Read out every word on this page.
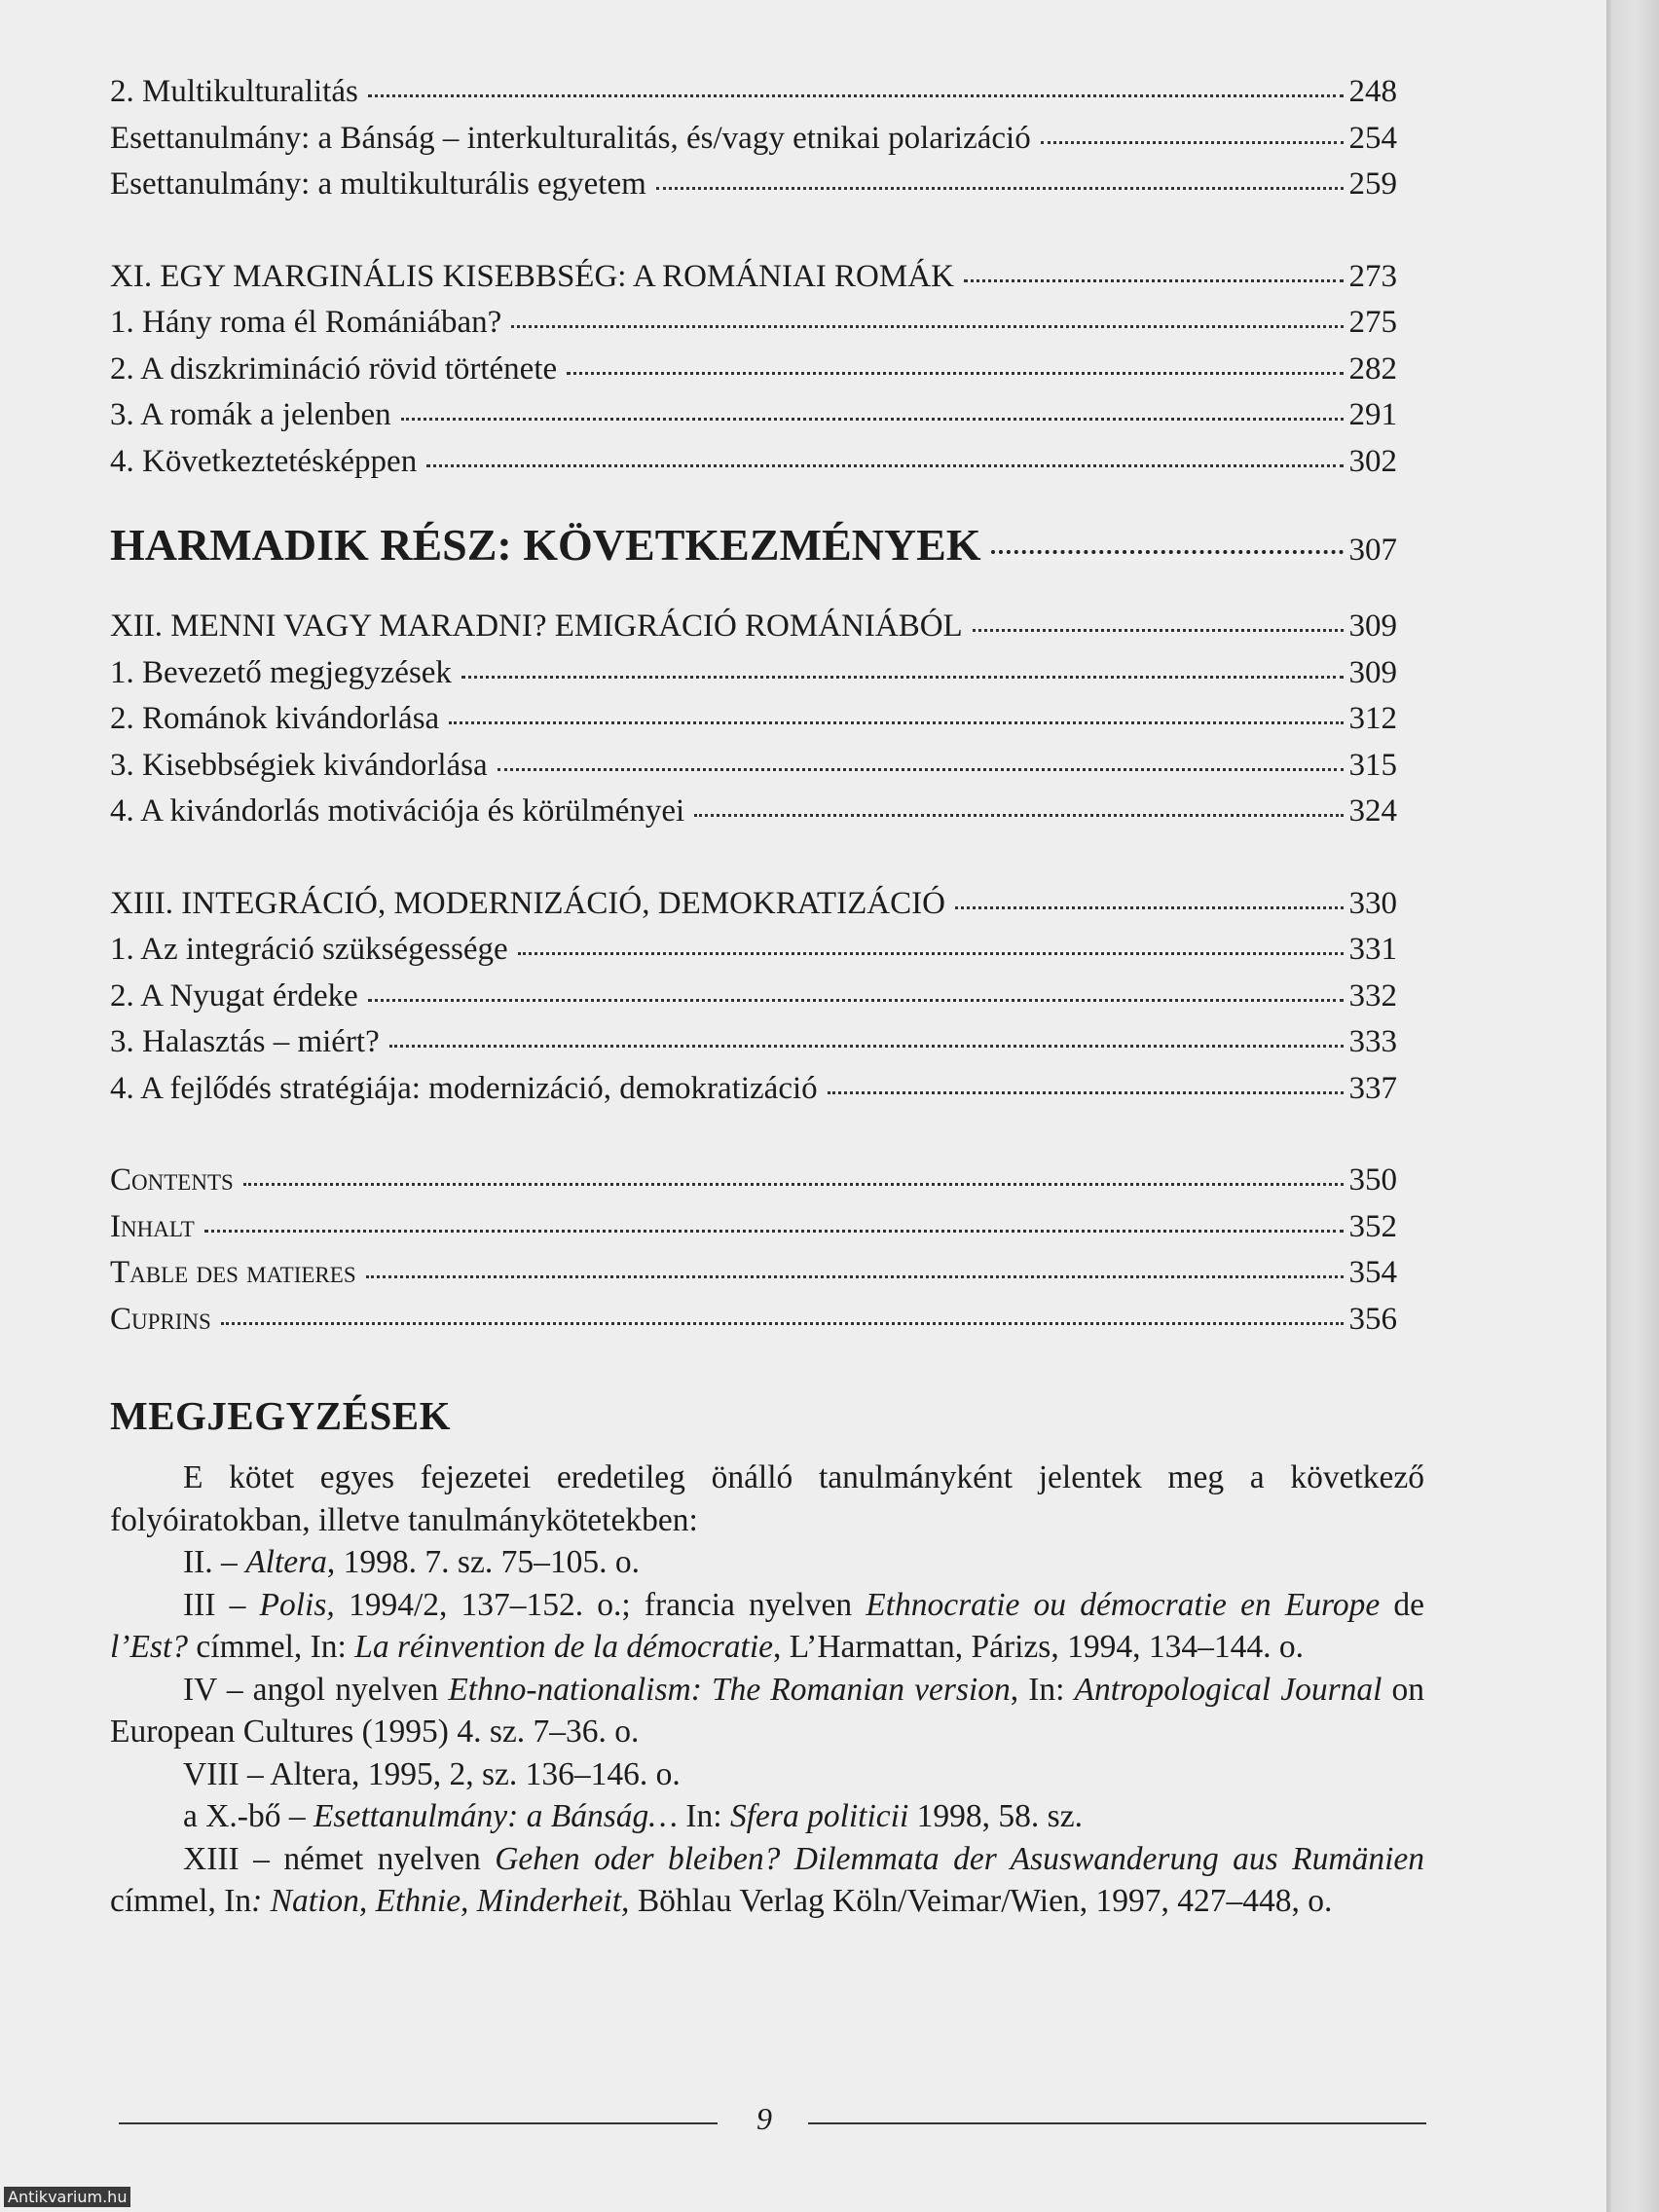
2. Multikulturalitás	248
Esettanulmány: a Bánság – interkulturalitás, és/vagy etnikai polarizáció	254
Esettanulmány: a multikulturális egyetem	259
XI. EGY MARGINÁLIS KISEBBSÉG: A ROMÁNIAI ROMÁK	273
1. Hány roma él Romániában?	275
2. A diszkrimináció rövid története	282
3. A romák a jelenben	291
4. Következtetésképpen	302
HARMADIK RÉSZ: KÖVETKEZMÉNYEK	307
XII. MENNI VAGY MARADNI? EMIGRÁCIÓ ROMÁNIÁBÓL	309
1. Bevezető megjegyzések	309
2. Románok kivándorlása	312
3. Kisebbségiek kivándorlása	315
4. A kivándorlás motivációja és körülményei	324
XIII. INTEGRÁCIÓ, MODERNIZÁCIÓ, DEMOKRATIZÁCIÓ	330
1. Az integráció szükségessége	331
2. A Nyugat érdeke	332
3. Halasztás – miért?	333
4. A fejlődés stratégiája: modernizáció, demokratizáció	337
Contents	350
Inhalt	352
Table des matieres	354
Cuprins	356
MEGJEGYZÉSEK

E kötet egyes fejezetei eredetileg önálló tanulmányként jelentek meg a következő folyóiratokban, illetve tanulmánykötetekben:

II. – Altera, 1998. 7. sz. 75–105. o.

III – Polis, 1994/2, 137–152. o.; francia nyelven Ethnocratie ou démocratie en Europe de l’Est? címmel, In: La réinvention de la démocratie, L’Harmattan, Párizs, 1994, 134–144. o.

IV – angol nyelven Ethno-nationalism: The Romanian version, In: Antropological Journal on European Cultures (1995) 4. sz. 7–36. o.

VIII – Altera, 1995, 2, sz. 136–146. o.

a X.-bő – Esettanulmány: a Bánság… In: Sfera politicii 1998, 58. sz.

XIII – német nyelven Gehen oder bleiben? Dilemmata der Asuswanderung aus Rumänien címmel, In: Nation, Ethnie, Minderheit, Böhlau Verlag Köln/Veimar/Wien, 1997, 427–448, o.

9
Antikvarium.hu
